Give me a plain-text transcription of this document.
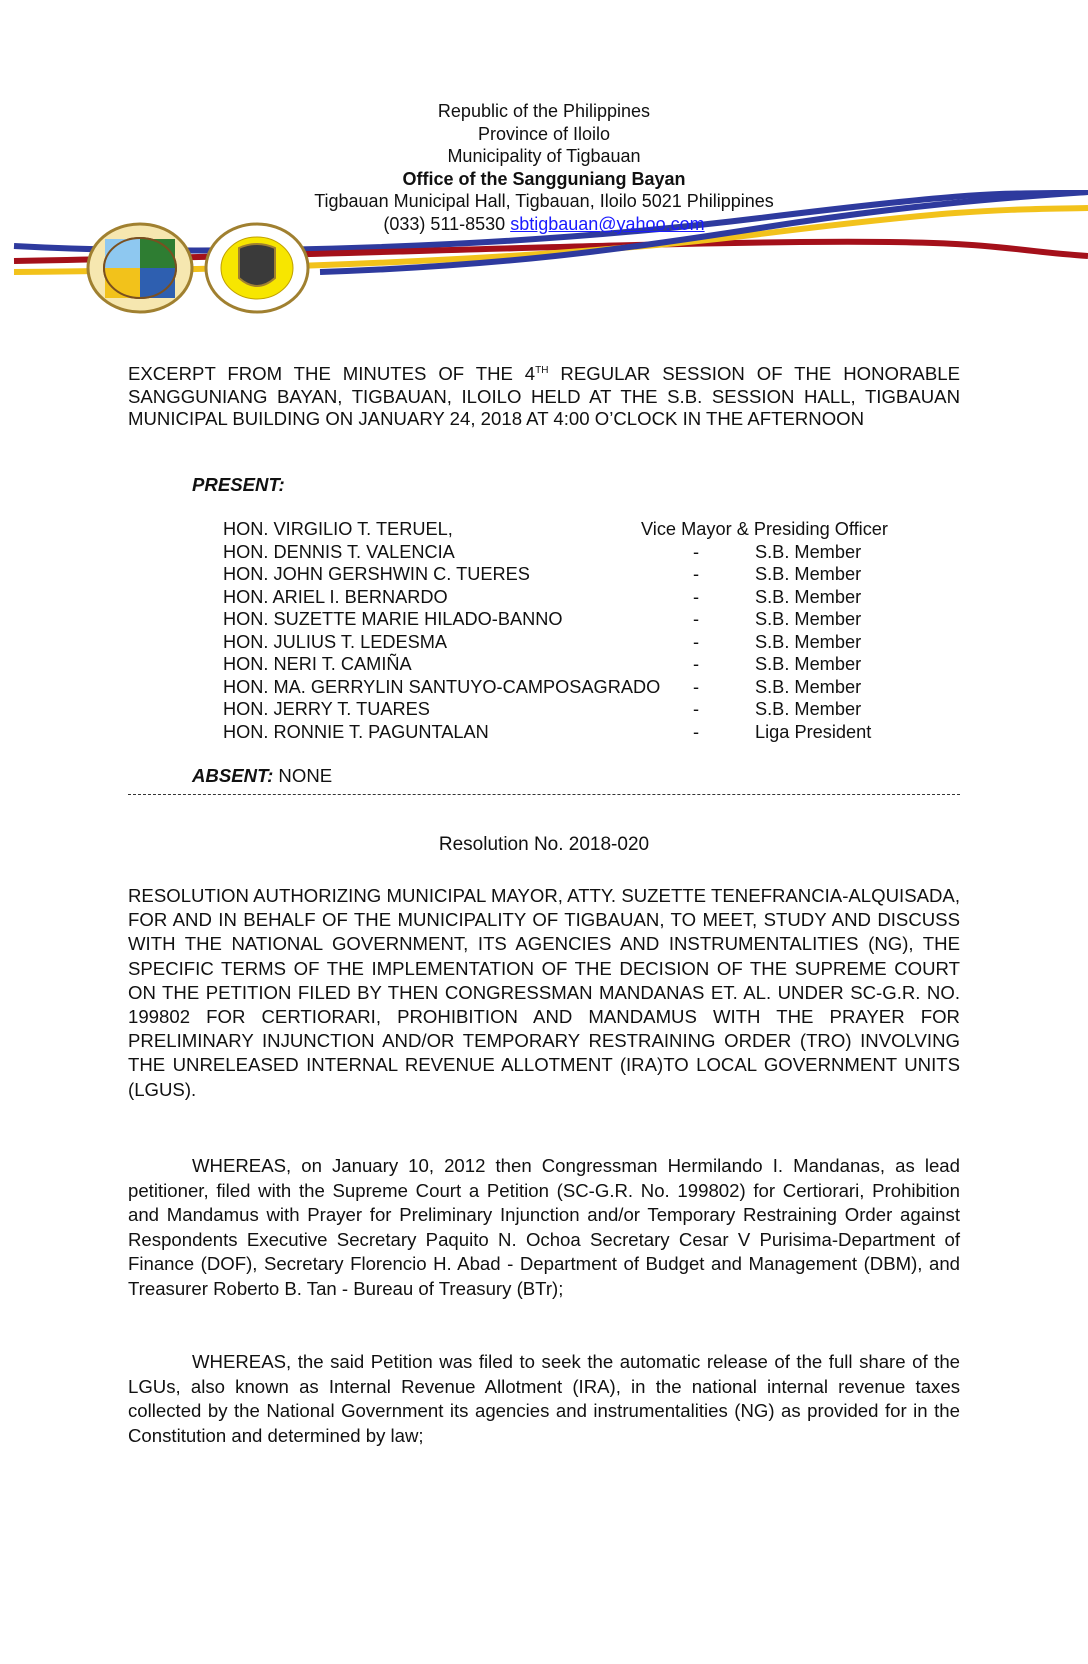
Republic of the Philippines
Province of Iloilo
Municipality of Tigbauan
Office of the Sangguniang Bayan
Tigbauan Municipal Hall, Tigbauan, Iloilo 5021 Philippines
(033) 511-8530 sbtigbauan@yahoo.com
EXCERPT FROM THE MINUTES OF THE 4TH REGULAR SESSION OF THE HONORABLE SANGGUNIANG BAYAN, TIGBAUAN, ILOILO HELD AT THE S.B. SESSION HALL, TIGBAUAN MUNICIPAL BUILDING ON JANUARY 24, 2018 AT 4:00 O’CLOCK IN THE AFTERNOON
PRESENT:
HON. VIRGILIO T. TERUEL,	Vice Mayor & Presiding Officer
HON. DENNIS T. VALENCIA	-	S.B. Member
HON. JOHN GERSHWIN C. TUERES	-	S.B. Member
HON. ARIEL I. BERNARDO	-	S.B. Member
HON. SUZETTE MARIE HILADO-BANNO	-	S.B. Member
HON. JULIUS T. LEDESMA	-	S.B. Member
HON. NERI T. CAMIÑA	-	S.B. Member
HON. MA. GERRYLIN SANTUYO-CAMPOSAGRADO	-	S.B. Member
HON. JERRY T. TUARES	-	S.B. Member
HON. RONNIE T. PAGUNTALAN	-	Liga President
ABSENT: NONE
Resolution No. 2018-020
RESOLUTION AUTHORIZING MUNICIPAL MAYOR, ATTY. SUZETTE TENEFRANCIA-ALQUISADA, FOR AND IN BEHALF OF THE MUNICIPALITY OF TIGBAUAN, TO MEET, STUDY AND DISCUSS WITH THE NATIONAL GOVERNMENT, ITS AGENCIES AND INSTRUMENTALITIES (NG), THE SPECIFIC TERMS OF THE IMPLEMENTATION OF THE DECISION OF THE SUPREME COURT ON THE PETITION FILED BY THEN CONGRESSMAN MANDANAS ET. AL. UNDER SC-G.R. NO. 199802 FOR CERTIORARI, PROHIBITION AND MANDAMUS WITH THE PRAYER FOR PRELIMINARY INJUNCTION AND/OR TEMPORARY RESTRAINING ORDER (TRO) INVOLVING THE UNRELEASED INTERNAL REVENUE ALLOTMENT (IRA)TO LOCAL GOVERNMENT UNITS (LGUS).
WHEREAS, on January 10, 2012 then Congressman Hermilando I. Mandanas, as lead petitioner, filed with the Supreme Court a Petition (SC-G.R. No. 199802) for Certiorari, Prohibition and Mandamus with Prayer for Preliminary Injunction and/or Temporary Restraining Order against Respondents Executive Secretary Paquito N. Ochoa Secretary Cesar V Purisima-Department of Finance (DOF), Secretary Florencio H. Abad - Department of Budget and Management (DBM), and Treasurer Roberto B. Tan - Bureau of Treasury (BTr);
WHEREAS, the said Petition was filed to seek the automatic release of the full share of the LGUs, also known as Internal Revenue Allotment (IRA), in the national internal revenue taxes collected by the National Government its agencies and instrumentalities (NG) as provided for in the Constitution and determined by law;
